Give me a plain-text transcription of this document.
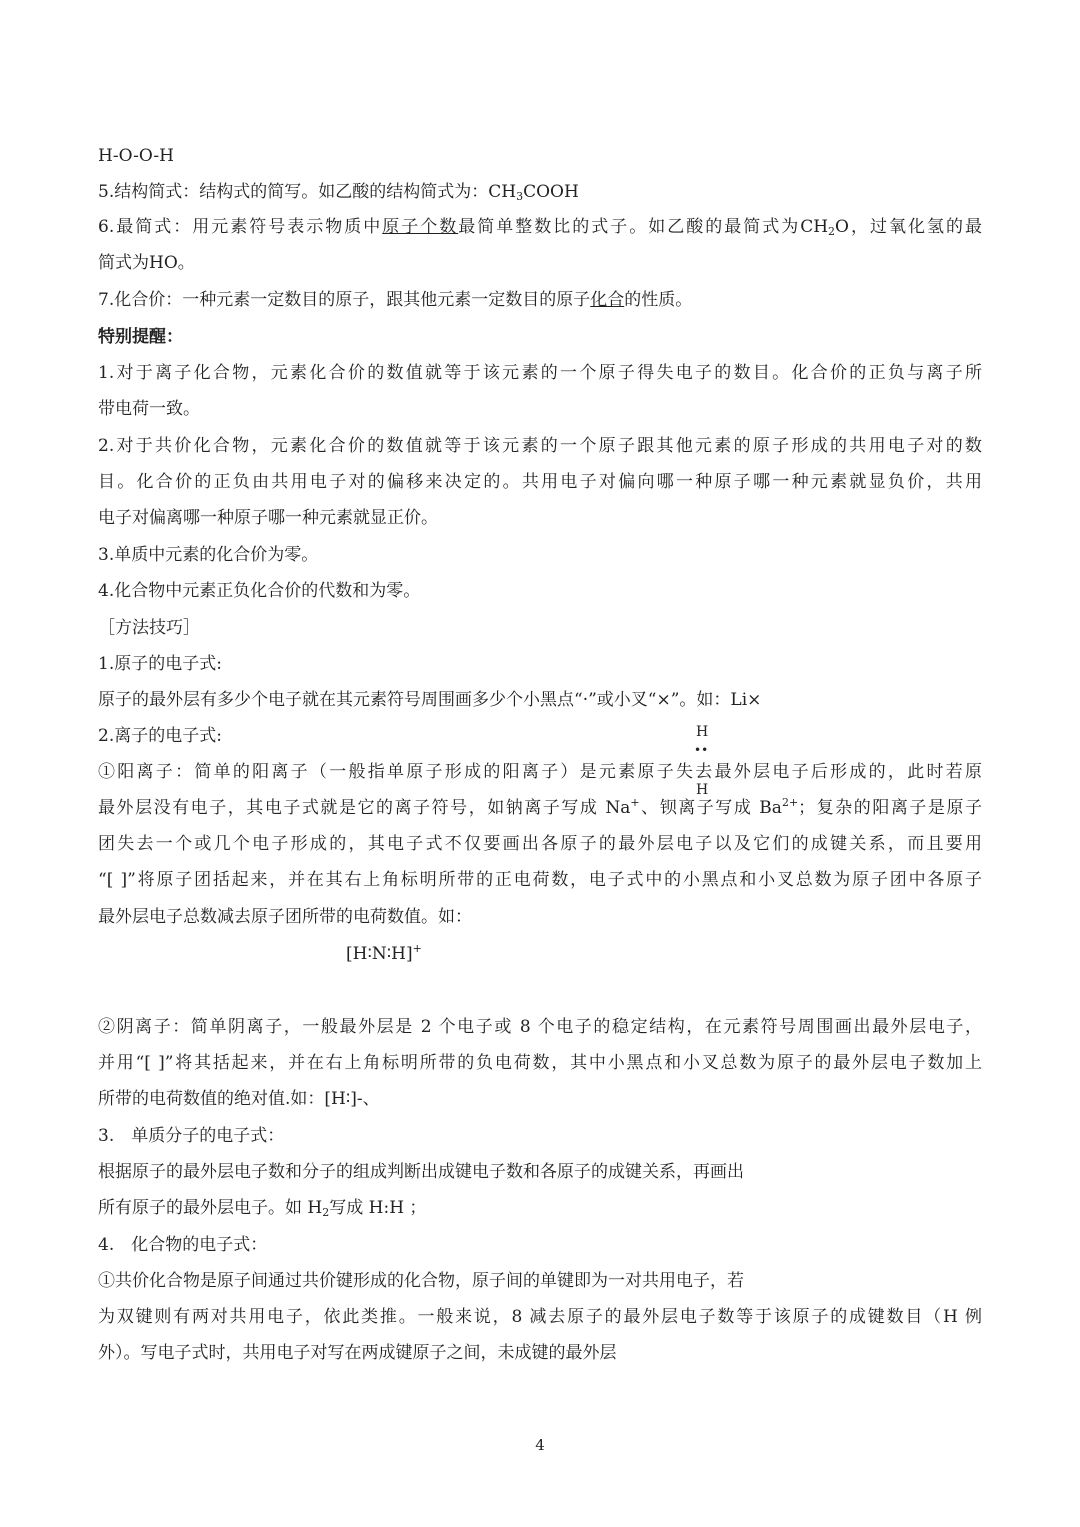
H-O-O-H

5.结构简式：结构式的简写。如乙酸的结构简式为：$CH_3COOH$

6.最简式：用元素符号表示物质中原子个数最简单整数比的式子。如乙酸的最简式为$CH_2O$，过氧化氢的最

简式为HO。

7.化合价：一种元素一定数目的原子，跟其他元素一定数目的原子化合的性质。

特别提醒：

1.对于离子化合物，元素化合价的数值就等于该元素的一个原子得失电子的数目。化合价的正负与离子所

带电荷一致。

2.对于共价化合物，元素化合价的数值就等于该元素的一个原子跟其他元素的原子形成的共用电子对的数

目。化合价的正负由共用电子对的偏移来决定的。共用电子对偏向哪一种原子哪一种元素就显负价，共用

电子对偏离哪一种原子哪一种元素就显正价。

3.单质中元素的化合价为零。

4.化合物中元素正负化合价的代数和为零。

［方法技巧］

1.原子的电子式:

原子的最外层有多少个电子就在其元素符号周围画多少个小黑点“·”或小叉“×”。如：Li×

2.离子的电子式:	H
••
H

①阳离子：简单的阳离子（一般指单原子形成的阳离子）是元素原子失去最外层电子后形成的，此时若原

最外层没有电子，其电子式就是它的离子符号，如钠离子写成 Na+、钡离子写成 $Ba^{2+}$；复杂的阳离子是原子

团失去一个或几个电子形成的，其电子式不仅要画出各原子的最外层电子以及它们的成键关系，而且要用

“[ ]”将原子团括起来，并在其右上角标明所带的正电荷数，电子式中的小黑点和小叉总数为原子团中各原子

最外层电子总数减去原子团所带的电荷数值。如：

[H∶N∶H]+

②阴离子：简单阴离子，一般最外层是 2 个电子或 8 个电子的稳定结构，在元素符号周围画出最外层电子，

并用“[ ]”将其括起来，并在右上角标明所带的负电荷数，其中小黑点和小叉总数为原子的最外层电子数加上

所带的电荷数值的绝对值.如：[H∶]-、

3.　单质分子的电子式：

根据原子的最外层电子数和分子的组成判断出成键电子数和各原子的成键关系，再画出

所有原子的最外层电子。如 $H_2$写成 H:H ；

4.　化合物的电子式：

①共价化合物是原子间通过共价键形成的化合物，原子间的单键即为一对共用电子，若

为双键则有两对共用电子，依此类推。一般来说，8 减去原子的最外层电子数等于该原子的成键数目（H 例

外）。写电子式时，共用电子对写在两成键原子之间，未成键的最外层

4
